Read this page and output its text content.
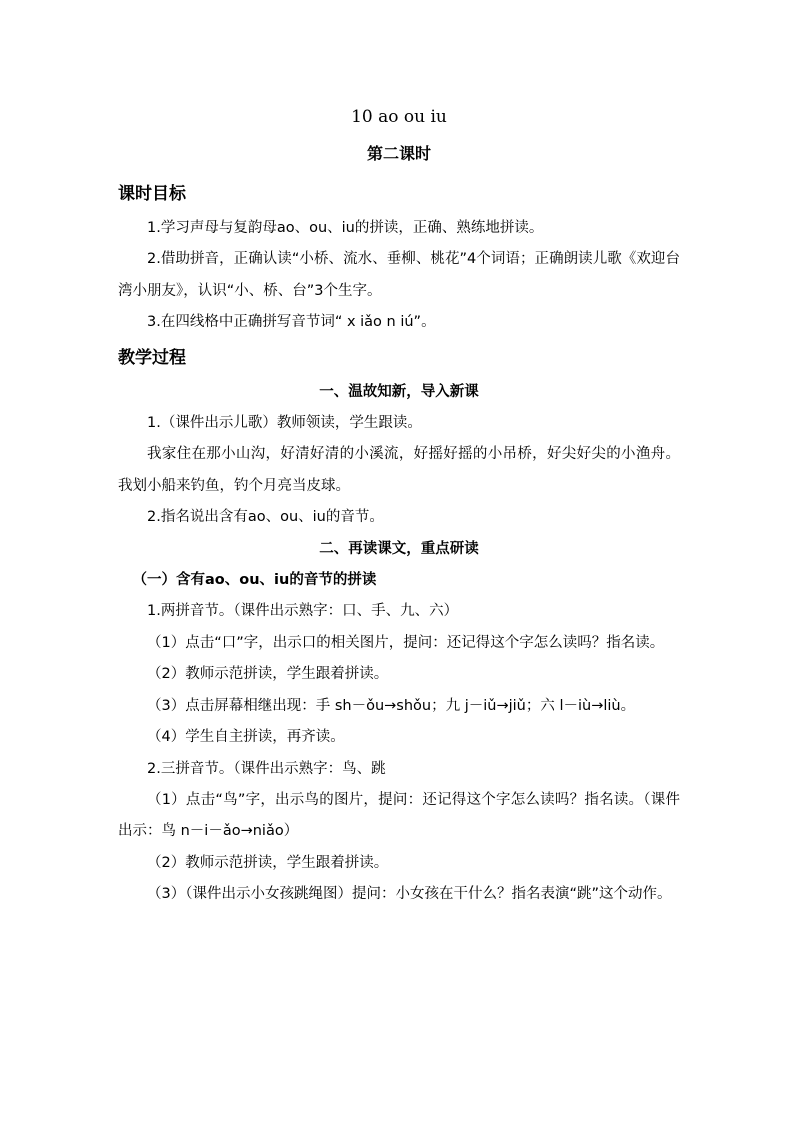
10 ao ou iu
第二课时
课时目标
1.学习声母与复韵母ao、ou、iu的拼读，正确、熟练地拼读。
2.借助拼音，正确认读“小桥、流水、垂柳、桃花”4个词语；正确朗读儿歌《欢迎台湾小朋友》，认识“小、桥、台”3个生字。
3.在四线格中正确拼写音节词“ x iǎo n iú”。
教学过程
一、温故知新，导入新课
1.（课件出示儿歌）教师领读，学生跟读。
我家住在那小山沟，好清好清的小溪流，好摇好摇的小吊桥，好尖好尖的小渔舟。我划小船来钓鱼，钓个月亮当皮球。
2.指名说出含有ao、ou、iu的音节。
二、再读课文，重点研读
（一）含有ao、ou、iu的音节的拼读
1.两拼音节。（课件出示熟字：口、手、九、六）
（1）点击“口”字，出示口的相关图片，提问：还记得这个字怎么读吗？指名读。
（2）教师示范拼读，学生跟着拼读。
（3）点击屏幕相继出现：手 sh－ǒu→shǒu；九 j－iǔ→jiǔ；六 l－iù→liù。
（4）学生自主拼读，再齐读。
2.三拼音节。（课件出示熟字：鸟、跳
（1）点击“鸟”字，出示鸟的图片，提问：还记得这个字怎么读吗？指名读。（课件出示：鸟 n－i－ǎo→niǎo）
（2）教师示范拼读，学生跟着拼读。
（3）（课件出示小女孩跳绳图）提问：小女孩在干什么？指名表演“跳”这个动作。
